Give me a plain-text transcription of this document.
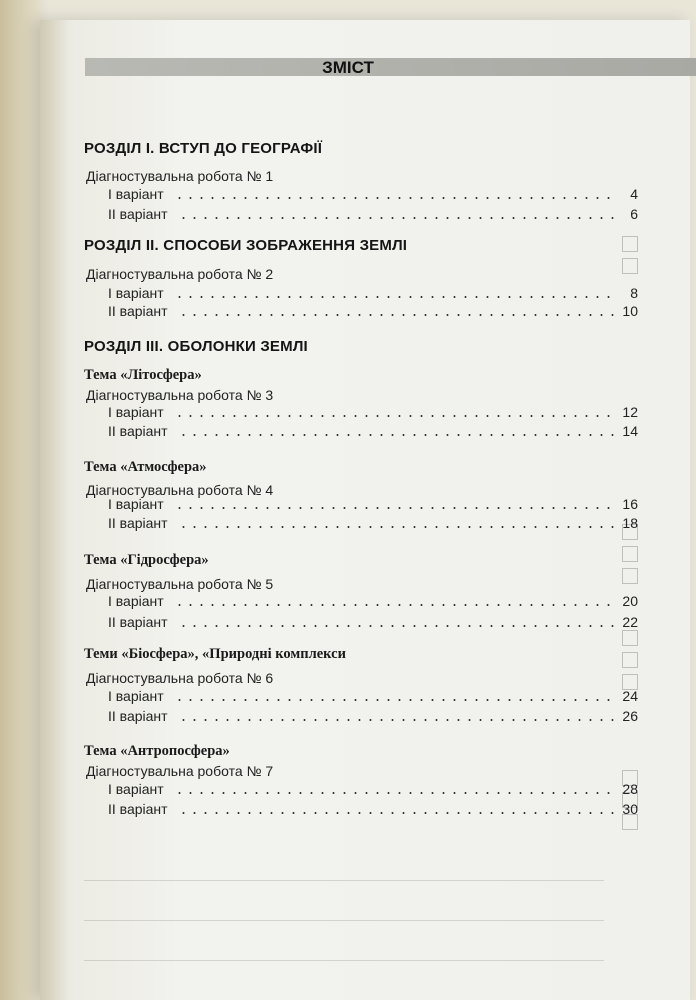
ЗМІСТ
РОЗДІЛ І. ВСТУП ДО ГЕОГРАФІЇ
Діагностувальна робота № 1
І варіант	4
ІІ варіант	6
РОЗДІЛ ІІ. СПОСОБИ ЗОБРАЖЕННЯ ЗЕМЛІ
Діагностувальна робота № 2
І варіант	8
ІІ варіант	10
РОЗДІЛ ІІІ. ОБОЛОНКИ ЗЕМЛІ
Тема «Літосфера»
Діагностувальна робота № 3
І варіант	12
ІІ варіант	14
Тема «Атмосфера»
Діагностувальна робота № 4
І варіант	16
ІІ варіант	18
Тема «Гідросфера»
Діагностувальна робота № 5
І варіант	20
ІІ варіант	22
Теми «Біосфера», «Природні комплекси
Діагностувальна робота № 6
І варіант	24
ІІ варіант	26
Тема «Антропосфера»
Діагностувальна робота № 7
І варіант	28
ІІ варіант	30
